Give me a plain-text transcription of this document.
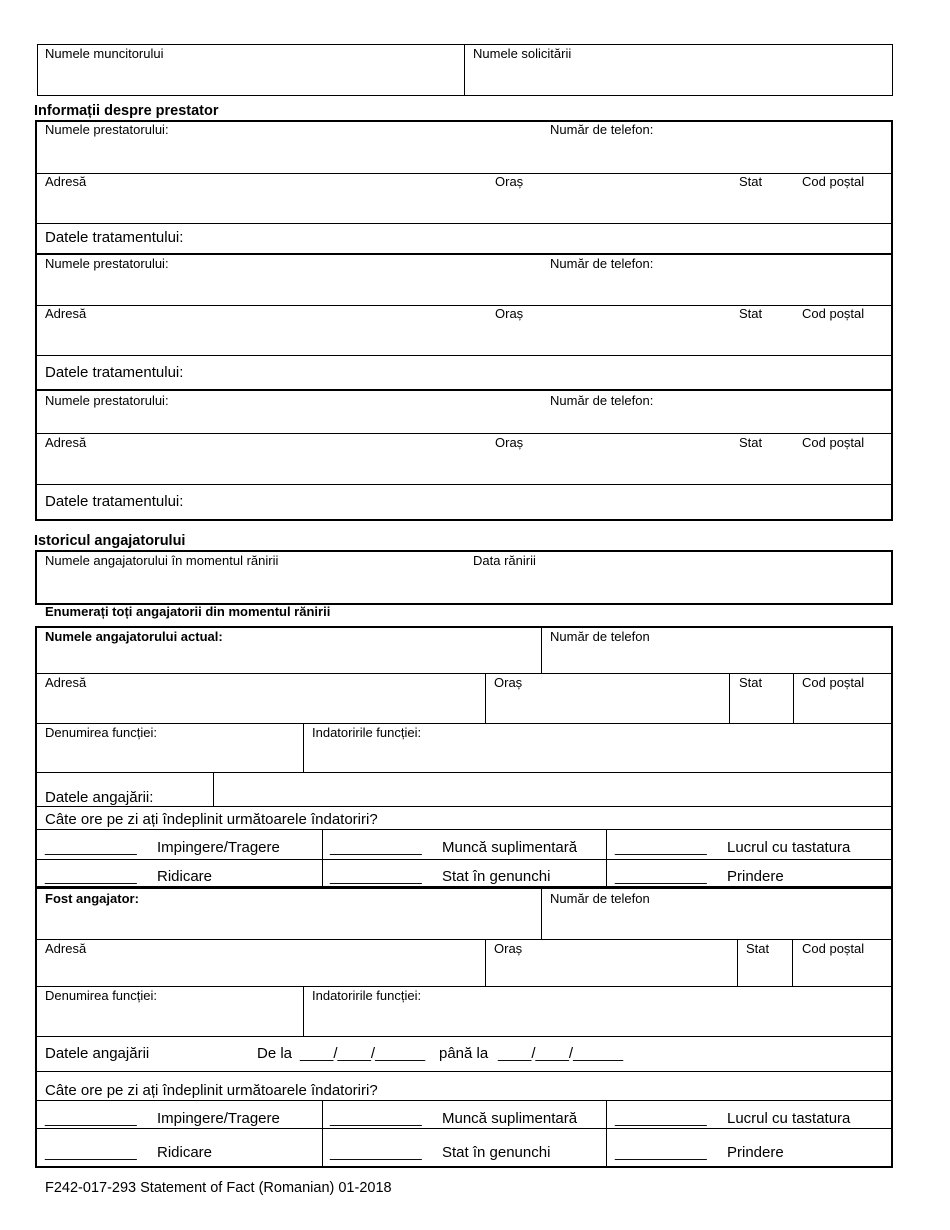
Numele muncitorului	Numele solicitării
Informații despre prestator
Numele prestatorului:	Număr de telefon:
Adresă	Oraș	Stat	Cod poștal
Datele tratamentului:
Numele prestatorului:	Număr de telefon:
Adresă	Oraș	Stat	Cod poștal
Datele tratamentului:
Numele prestatorului:	Număr de telefon:
Adresă	Oraș	Stat	Cod poștal
Datele tratamentului:
Istoricul angajatorului
Numele angajatorului în momentul rănirii	Data rănirii
Enumerați toți angajatorii din momentul rănirii
Numele angajatorului actual:	Număr de telefon
Adresă	Oraș	Stat	Cod poștal
Denumirea funcției:	Indatoririle funcției:
Datele angajării:
Câte ore pe zi ați îndeplinit următoarele îndatoriri?
___________ Impingere/Tragere	___________ Muncă suplimentară	___________ Lucrul cu tastatura
___________ Ridicare	___________ Stat în genunchi	___________ Prindere
Fost angajator:	Număr de telefon
Adresă	Oraș	Stat	Cod poștal
Denumirea funcției:	Indatoririle funcției:
Datele angajării	De la ____/____/______ până la ____/____/______
Câte ore pe zi ați îndeplinit următoarele îndatoriri?
___________ Impingere/Tragere	___________ Muncă suplimentară	___________ Lucrul cu tastatura
___________ Ridicare	___________ Stat în genunchi	___________ Prindere
F242-017-293 Statement of Fact (Romanian) 01-2018
